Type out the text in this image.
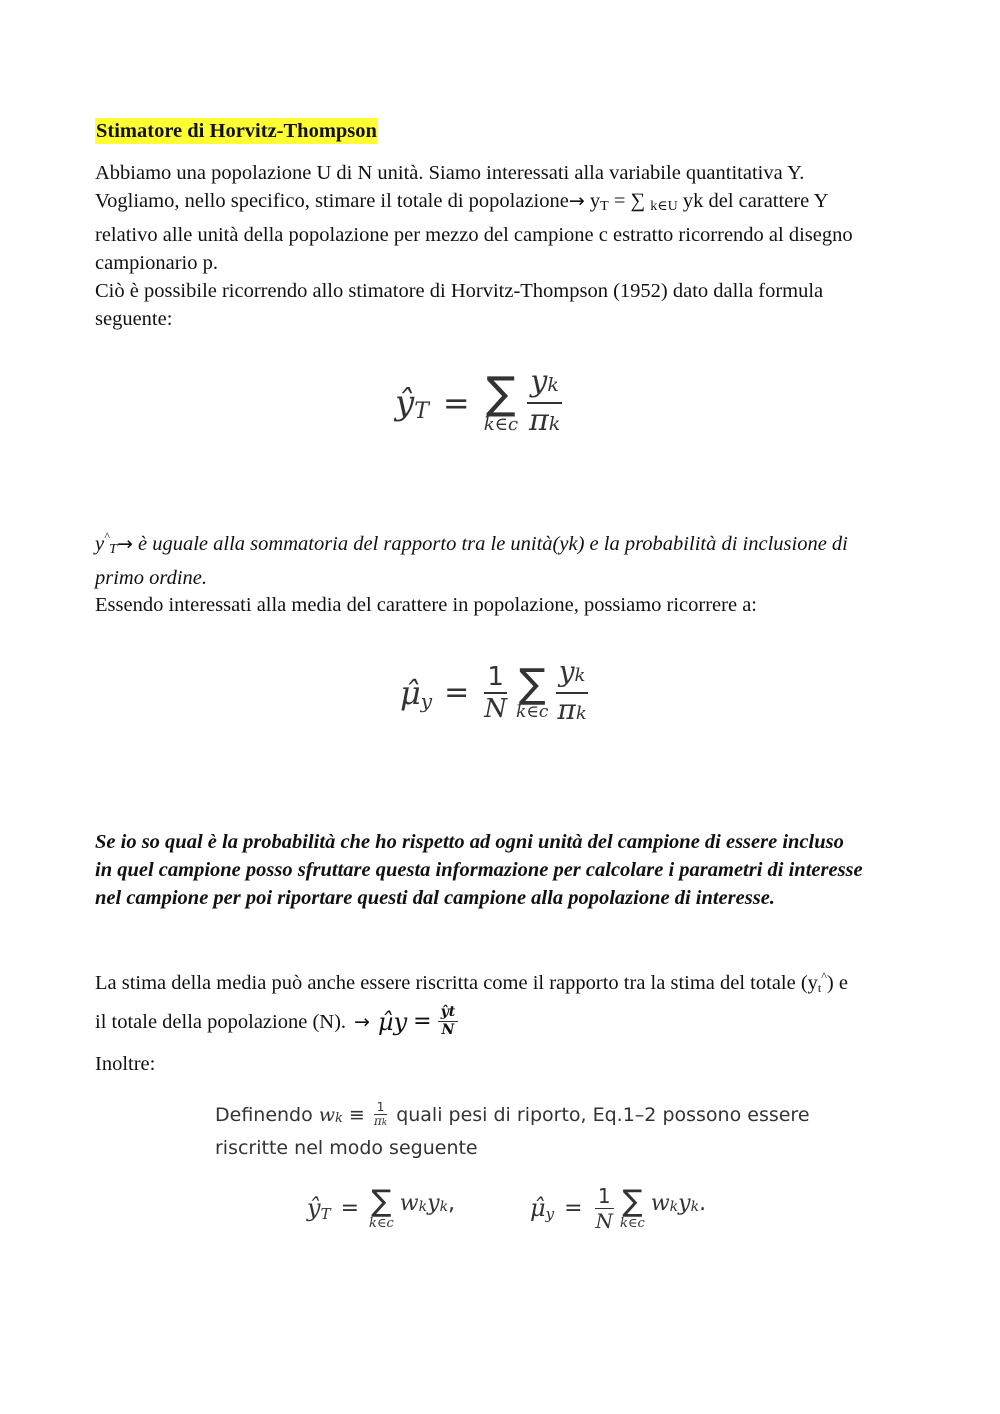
Stimatore di Horvitz-Thompson
Abbiamo una popolazione U di N unità. Siamo interessati alla variabile quantitativa Y.
Vogliamo, nello specifico, stimare il totale di popolazione→ $y_T$ = ∑ $_{k\in U}$ yk del carattere Y
relativo alle unità della popolazione per mezzo del campione c estratto ricorrendo al disegno
campionario p.
Ciò è possibile ricorrendo allo stimatore di Horvitz-Thompson (1952) dato dalla formula
seguente:
ŷ T = ∑
k∈c $\frac{yk}{\pi k}$
$y^{\^{}}_T\to$ è uguale alla sommatoria del rapporto tra le unità(yk) e la probabilità di inclusione di
primo ordine.
Essendo interessati alla media del carattere in popolazione, possiamo ricorrere a:
μ̂ $y = \frac{1}{N}$ ∑
k∈c $\frac{yk}{\pi k}$
Se io so qual è la probabilità che ho rispetto ad ogni unità del campione di essere incluso
in quel campione posso sfruttare questa informazione per calcolare i parametri di interesse
nel campione per poi riportare questi dal campione alla popolazione di interesse.
La stima della media può anche essere riscritta come il rapporto tra la stima del totale (yt^) e
il totale della popolazione (N). → µ̂ $y = \frac{ŷt}{N}$
Inoltre:
Definendo w $k \equiv \frac{1}{\pi k}$ quali pesi di riporto, Eq.1–2 possono essere
riscritte nel modo seguente
ŷ T = ∑
k∈c
w k y k ,	μ̂ $y = \frac{1}{N}$ ∑
k∈c
w k y k .
